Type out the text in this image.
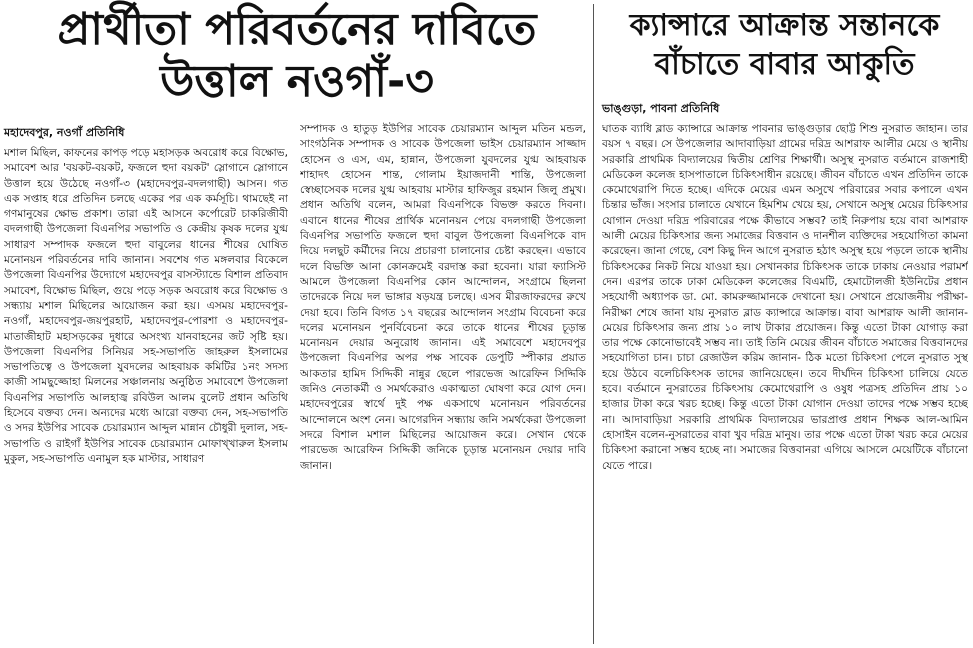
প্রার্থীতা পরিবর্তনের দাবিতে উত্তাল নওগাঁ-৩

মহাদেবপুর, নওগাঁ প্রতিনিধি

মশাল মিছিল, কাফনের কাপড় পড়ে মহাসড়ক অবরোধ করে বিক্ষোভ, সমাবেশ আর 'বয়কট-বয়কট, ফজলে হুদা বয়কট' স্লোগানে স্লোগানে উত্তাল হয়ে উঠেছে নওগাঁ-৩ (মহাদেবপুর-বদলগাছী) আসন। গত এক সপ্তাহ ধরে প্রতিদিন চলছে একের পর এক কর্মসূচি। থামছেই না গণমানুষের ক্ষোভ প্রকাশ। তারা এই আসনে কর্পোরেট চাকরিজীবী বদলগাছী উপজেলা বিএনপির সভাপতি ও কেন্দ্রীয় কৃষক দলের যুগ্ম সাধারণ সম্পাদক ফজলে হুদা বাবুলের ধানের শীষের ঘোষিত মনোনয়ন পরিবর্তনের দাবি জানান। সবশেষ গত মঙ্গলবার বিকেলে উপজেলা বিএনপির উদ্যোগে মহাদেবপুর বাসস্ট্যান্ডে বিশাল প্রতিবাদ সমাবেশ, বিক্ষোভ মিছিল, গুয়ে পড়ে সড়ক অবরোধ করে বিক্ষোভ ও সন্ধ্যায় মশাল মিছিলের আয়োজন করা হয়। এসময় মহাদেবপুর-নওগাঁ, মহাদেবপুর-জয়পুরহাট, মহাদেবপুর-পোরশা ও মহাদেবপুর-মাতাজীহাট মহাসড়কের দুধারে অসংখ্য যানবাহনের জট সৃষ্টি হয়। উপজেলা বিএনপির সিনিয়র সহ-সভাপতি জাহরুল ইসলামের সভাপতিত্বে ও উপজেলা যুবদলের আহবায়ক কমিটির ১নং সদস্য কাজী সামছুজ্জোহা মিলনের সঞ্চালনায় অনুষ্ঠিত সমাবেশে উপজেলা বিএনপির সভাপতি আলহাজ্ব রবিউল আলম বুলেট প্রধান অতিথি হিসেবে বক্তব্য দেন। অন্যদের মধ্যে আরো বক্তব্য দেন, সহ-সভাপতি ও সদর ইউপির সাবেক চেয়ারম্যান আব্দুল মান্নান চৌধুরী দুলাল, সহ-সভাপতি ও রাইগাঁ ইউপির সাবেক চেয়ারম্যান মোফাখ্খারুল ইসলাম মুকুল, সহ-সভাপতি এনামুল হক মাস্টার, সাধারণ

সম্পাদক ও হাতুড় ইউপির সাবেক চেয়ারম্যান আব্দুল মতিন মন্ডল, সাংগঠনিক সম্পাদক ও সাবেক উপজেলা ভাইস চেয়ারম্যান সাজ্জাদ হোসেন ও এস, এম, হান্নান, উপজেলা যুবদলের যুগ্ম আহবায়ক শাহাদৎ হোসেন শান্ত, গোলাম ইয়াজদানী শান্তি, উপজেলা স্বেচ্ছাসেবক দলের যুগ্ম আহবায় মাস্টার হাফিজুর রহমান জিলু প্রমুখ। প্রধান অতিথি বলেন, আমরা বিএনপিকে বিভক্ত করতে দিবনা। এবানে ধানের শীষের প্রার্থিক মনোনয়ন পেয়ে বদলগাছী উপজেলা বিএনপির সভাপতি ফজলে হুদা বাবুল উপজেলা বিএনপিকে বাদ দিয়ে দলছুট কর্মীদের নিয়ে প্রচারণা চালানোর চেষ্টা করছেন। এভাবে দলে বিভক্তি আনা কোনক্রমেই বরদাস্ত করা হবেনা। যারা ফ্যাসিস্ট আমলে উপজেলা বিএনপির কোন আন্দোলন, সংগ্রামে ছিলনা তাদেরকে নিয়ে দল ভাঙ্গার ষড়যন্ত্র চলছে। এসব মীরজাফরদের রুখে দেয়া হবে। তিনি বিগত ১৭ বছরের আন্দোলন সংগ্রাম বিবেচনা করে দলের মনোনয়ন পুনর্বিবেচনা করে তাকে ধানের শীষের চূড়ান্ত মনোনয়ন দেয়ার অনুরোধ জানান। এই সমাবেশে মহাদেবপুর উপজেলা বিএনপির অপর পক্ষ সাবেক ডেপুটি স্পীকার প্রয়াত আকতার হামিদ সিদ্দিকী নান্নুর ছেলে পারভেজ আরেফিন সিদ্দিকি জনিও নেতাকর্মী ও সমর্থকেরাও একাত্মতা ঘোষণা করে যোগ দেন। মহাদেবপুরের স্বার্থে দুই পক্ষ একসাথে মনোনয়ন পরিবর্তনের আন্দোলনে অংশ নেন। আগেরদিন সন্ধ্যায় জনি সমর্থকেরা উপজেলা সদরে বিশাল মশাল মিছিলের আয়োজন করে। সেখান থেকে পারভেজ আরেফিন সিদ্দিকী জনিকে চূড়ান্ত মনোনয়ন দেয়ার দাবি জানান।

ক্যান্সারে আক্রান্ত সন্তানকে বাঁচাতে বাবার আকুতি

ভাঙ্গুড়া, পাবনা প্রতিনিধি

ঘাতক ব্যাধি ব্লাড ক্যান্সারে আক্রান্ত পাবনার ভাঙ্গুড়ার ছোট্ট শিশু নুসরাত জাহান। তার বয়স ৭ বছর। সে উপজেলার আদাবাড়িয়া গ্রামের দরিদ্র আশরাফ আলীর মেয়ে ও স্থানীয় সরকারি প্রাথমিক বিদ্যালয়ের দ্বিতীয় শ্রেণির শিক্ষার্থী। অসুস্থ নুসরাত বর্তমানে রাজশাহী মেডিকেল কলেজ হাসপাতালে চিকিৎসাধীন রয়েছে। জীবন বাঁচাতে এখন প্রতিদিন তাকে কেমোথেরাপি দিতে হচ্ছে। এদিকে মেয়ের এমন অসুখে পরিবারের সবার কপালে এখন চিন্তার ভাঁজ। সংসার চালাতে যেখানে হিমশিম খেয়ে হয়, সেখানে অসুস্থ মেয়ের চিকিৎসার যোগান দেওয়া দরিদ্র পরিবারের পক্ষে কীভাবে সম্ভব? তাই নিরুপায় হয়ে বাবা আশরাফ আলী মেয়ের চিকিৎসার জন্য সমাজের বিত্তবান ও দানশীল ব্যক্তিদের সহযোগিতা কামনা করেছেন। জানা গেছে, বেশ কিছু দিন আগে নুসরাত হঠাৎ অসুস্থ হয়ে পড়লে তাকে স্থানীয় চিকিৎসকের নিকট নিয়ে যাওয়া হয়। সেখানকার চিকিৎসক তাকে ঢাকায় নেওয়ার পরামর্শ দেন। এরপর তাকে ঢাকা মেডিকেল কলেজের বিএমটি, হেমাটোলজী ইউনিটের প্রধান সহযোগী অধ্যাপক ডা. মো. কামরুজ্জামানকে দেখানো হয়। সেখানে প্রয়োজনীয় পরীক্ষা-নিরীক্ষা শেষে জানা যায় নুসরাত ব্লাড ক্যান্সারে আক্রান্ত। বাবা আশরাফ আলী জানান-মেয়ের চিকিৎসার জন্য প্রায় ১০ লাখ টাকার প্রয়োজন। কিন্তু এতো টাকা যোগাড় করা তার পক্ষে কোনোভাবেই সম্ভব না। তাই তিনি মেয়ের জীবন বাঁচাতে সমাজের বিত্তবানদের সহযোগিতা চান। চাচা রেজাউল করিম জানান- ঠিক মতো চিকিৎসা পেলে নুসরাত সুস্থ হয়ে উঠবে বলেচিকিৎসক তাদের জানিয়েছেন। তবে দীর্ঘদিন চিকিৎসা চালিয়ে যেতে হবে। বর্তমানে নুসরাতের চিকিৎসায় কেমোথেরাপি ও ওষুধ পত্রসহ প্রতিদিন প্রায় ১০ হাজার টাকা করে খরচ হচ্ছে। কিন্তু এতো টাকা যোগান দেওয়া তাদের পক্ষে সম্ভব হচ্ছে না। আদাবাড়িয়া সরকারি প্রাথমিক বিদ্যালয়ের ভারপ্রাপ্ত প্রধান শিক্ষক আল-আমিন হোসাইন বলেন-নুসরাতের বাবা খুব দরিদ্র মানুষ। তার পক্ষে এতো টাকা খরচ করে মেয়ের চিকিৎসা করানো সম্ভব হচ্ছে না। সমাজের বিত্তবানরা এগিয়ে আসলে মেয়েটিকে বাঁচানো যেতে পারে।
